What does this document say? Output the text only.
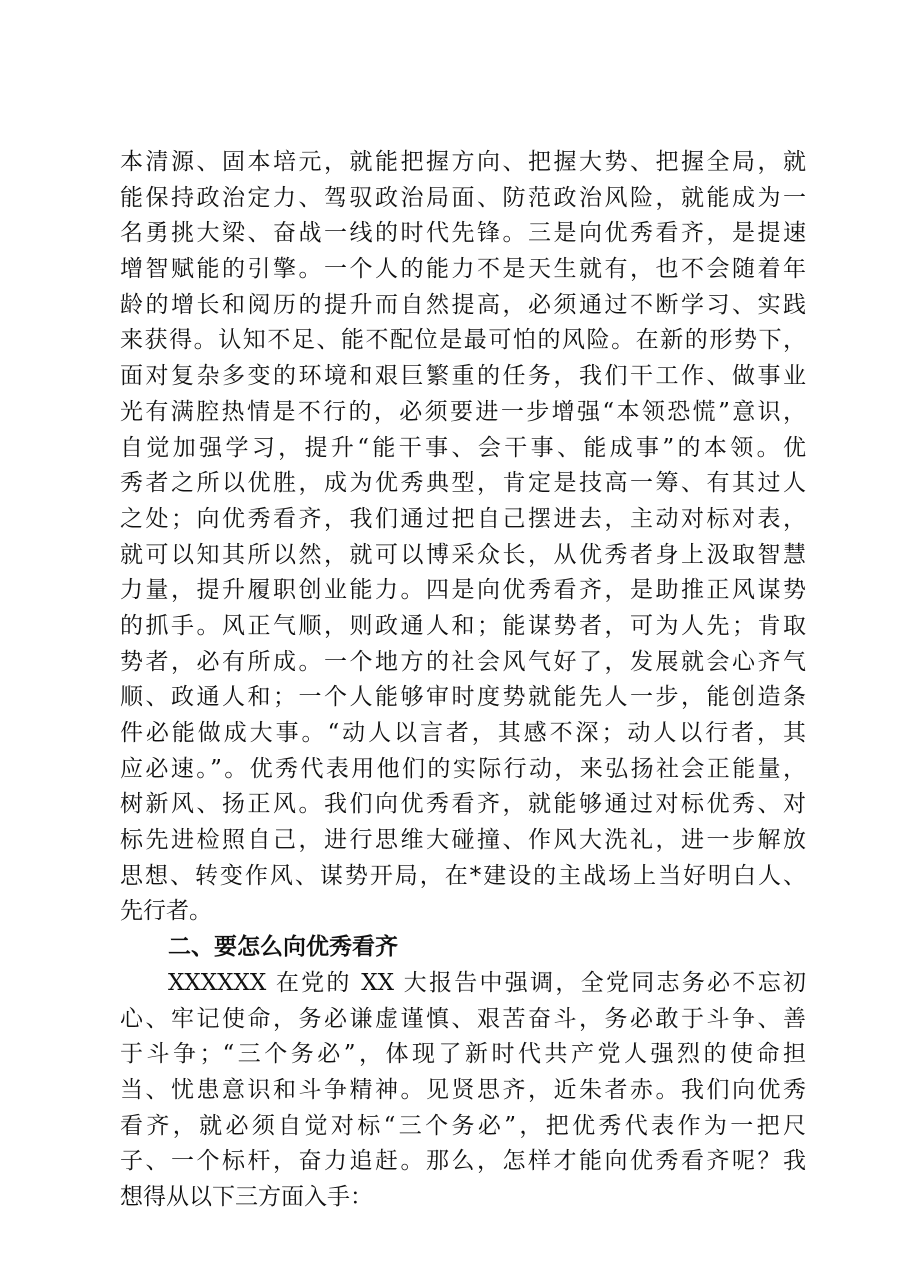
本清源、固本培元，就能把握方向、把握大势、把握全局，就
能保持政治定力、驾驭政治局面、防范政治风险，就能成为一
名勇挑大梁、奋战一线的时代先锋。三是向优秀看齐，是提速
增智赋能的引擎。一个人的能力不是天生就有，也不会随着年
龄的增长和阅历的提升而自然提高，必须通过不断学习、实践
来获得。认知不足、能不配位是最可怕的风险。在新的形势下，
面对复杂多变的环境和艰巨繁重的任务，我们干工作、做事业
光有满腔热情是不行的，必须要进一步增强“本领恐慌”意识，
自觉加强学习，提升“能干事、会干事、能成事”的本领。优
秀者之所以优胜，成为优秀典型，肯定是技高一筹、有其过人
之处；向优秀看齐，我们通过把自己摆进去，主动对标对表，
就可以知其所以然，就可以博采众长，从优秀者身上汲取智慧
力量，提升履职创业能力。四是向优秀看齐，是助推正风谋势
的抓手。风正气顺，则政通人和；能谋势者，可为人先；肯取
势者，必有所成。一个地方的社会风气好了，发展就会心齐气
顺、政通人和；一个人能够审时度势就能先人一步，能创造条
件必能做成大事。“动人以言者，其感不深；动人以行者，其
应必速。”。优秀代表用他们的实际行动，来弘扬社会正能量，
树新风、扬正风。我们向优秀看齐，就能够通过对标优秀、对
标先进检照自己，进行思维大碰撞、作风大洗礼，进一步解放
思想、转变作风、谋势开局，在*建设的主战场上当好明白人、
先行者。
二、要怎么向优秀看齐
XXXXXX 在党的 XX 大报告中强调，全党同志务必不忘初
心、牢记使命，务必谦虚谨慎、艰苦奋斗，务必敢于斗争、善
于斗争；“三个务必”，体现了新时代共产党人强烈的使命担
当、忧患意识和斗争精神。见贤思齐，近朱者赤。我们向优秀
看齐，就必须自觉对标“三个务必”，把优秀代表作为一把尺
子、一个标杆，奋力追赶。那么，怎样才能向优秀看齐呢？我
想得从以下三方面入手：
